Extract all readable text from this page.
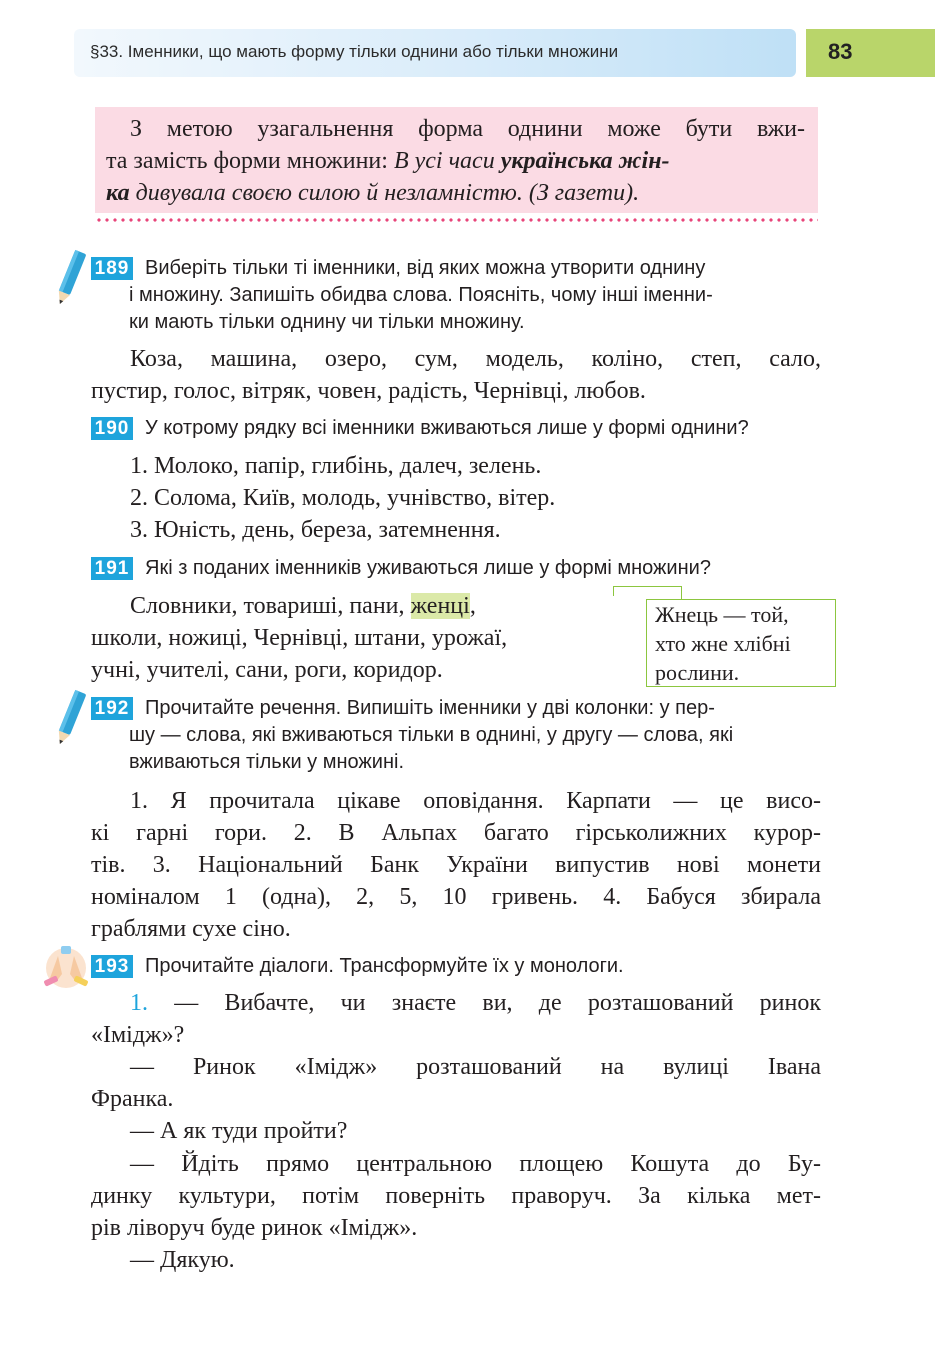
§33. Іменники, що мають форму тільки однини або тільки множини	83
З метою узагальнення форма однини може бути вжи-
та замість форми множини: В усі часи українська жін-
ка дивувала своєю силою й незламністю. (З газети).
189 Виберіть тільки ті іменники, від яких можна утворити однину
і множину. Запишіть обидва слова. Поясніть, чому інші іменни-
ки мають тільки однину чи тільки множину.
Коза, машина, озеро, сум, модель, коліно, степ, сало,
пустир, голос, вітряк, човен, радість, Чернівці, любов.
190 У котрому рядку всі іменники вживаються лише у формі однини?
1. Молоко, папір, глибінь, далеч, зелень.
2. Солома, Київ, молодь, учнівство, вітер.
3. Юність, день, береза, затемнення.
191 Які з поданих іменників уживаються лише у формі множини?
Словники, товариші, пани, женці,
школи, ножиці, Чернівці, штани, урожаї,
учні, учителі, сани, роги, коридор.
Жнець — той,
хто жне хлібні
рослини.
192 Прочитайте речення. Випишіть іменники у дві колонки: у пер-
шу — слова, які вживаються тільки в однині, у другу — слова, які
вживаються тільки у множині.
1. Я прочитала цікаве оповідання. Карпати — це висо-
кі гарні гори. 2. В Альпах багато гірськолижних курор-
тів. 3. Національний Банк України випустив нові монети
номіналом 1 (одна), 2, 5, 10 гривень. 4. Бабуся збирала
граблями сухе сіно.
193 Прочитайте діалоги. Трансформуйте їх у монологи.
1. — Вибачте, чи знаєте ви, де розташований ринок
«Імідж»?
— Ринок «Імідж» розташований на вулиці Івана
Франка.
— А як туди пройти?
— Йдіть прямо центральною площею Кошута до Бу-
динку культури, потім поверніть праворуч. За кілька мет-
рів ліворуч буде ринок «Імідж».
— Дякую.
